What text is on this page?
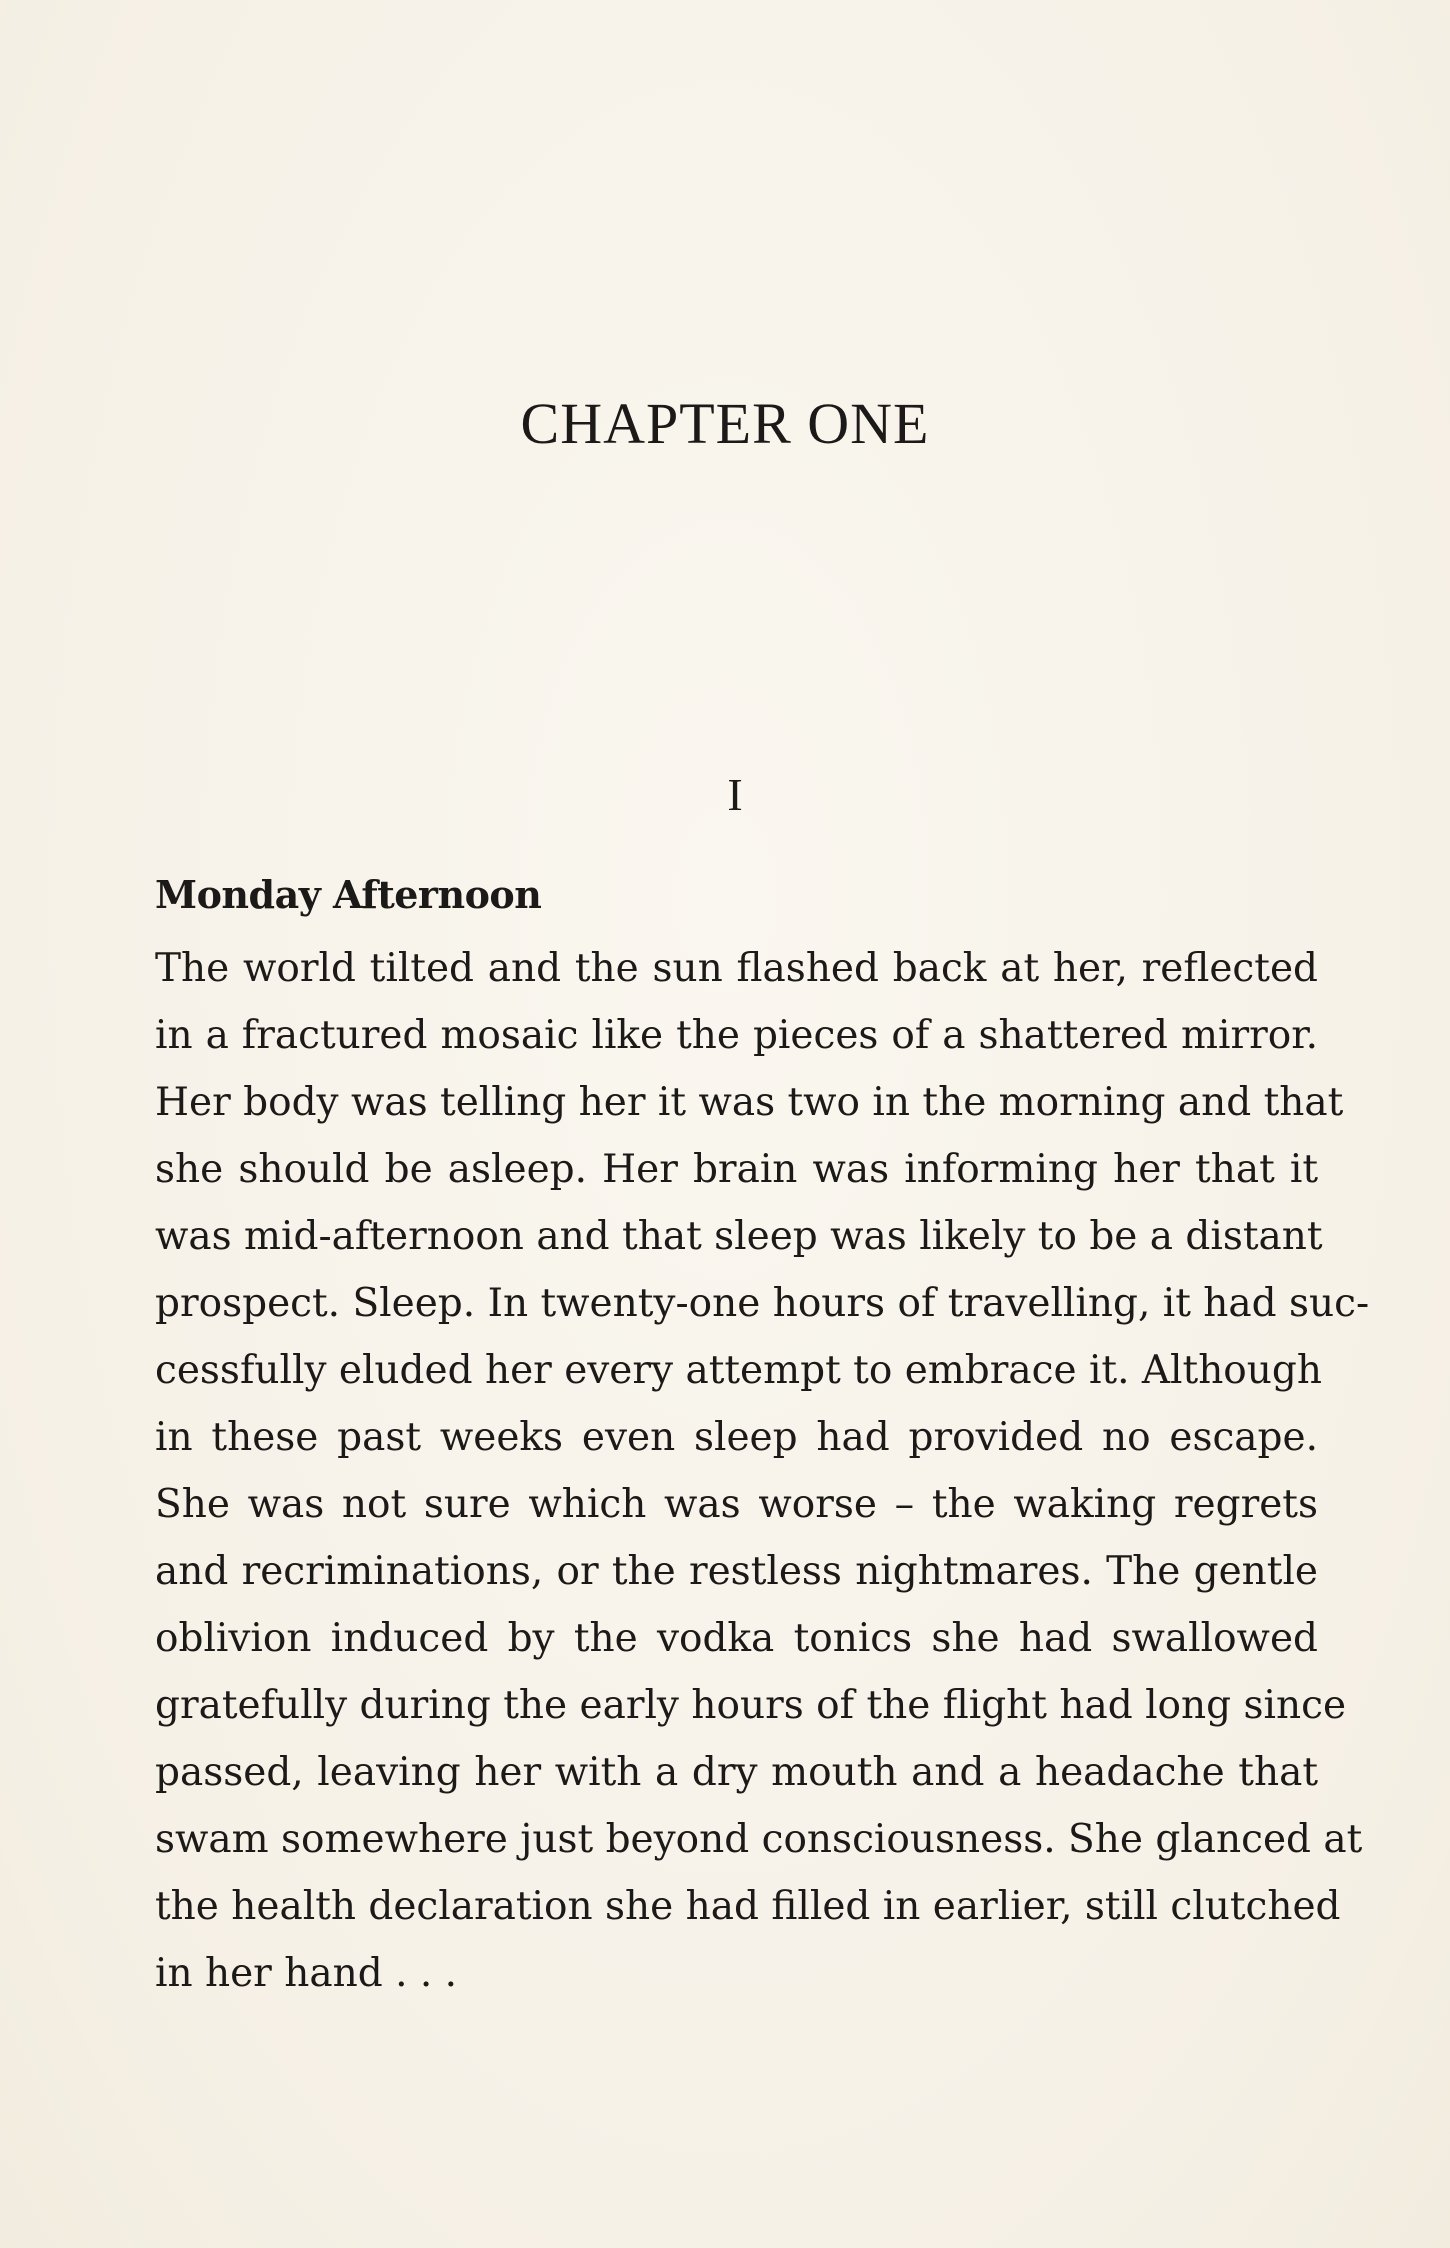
CHAPTER ONE
I
Monday Afternoon
The world tilted and the sun flashed back at her, reflected
in a fractured mosaic like the pieces of a shattered mirror.
Her body was telling her it was two in the morning and that
she should be asleep. Her brain was informing her that it
was mid-afternoon and that sleep was likely to be a distant
prospect. Sleep. In twenty-one hours of travelling, it had suc-
cessfully eluded her every attempt to embrace it. Although
in these past weeks even sleep had provided no escape.
She was not sure which was worse – the waking regrets
and recriminations, or the restless nightmares. The gentle
oblivion induced by the vodka tonics she had swallowed
gratefully during the early hours of the flight had long since
passed, leaving her with a dry mouth and a headache that
swam somewhere just beyond consciousness. She glanced at
the health declaration she had filled in earlier, still clutched
in her hand . . .
